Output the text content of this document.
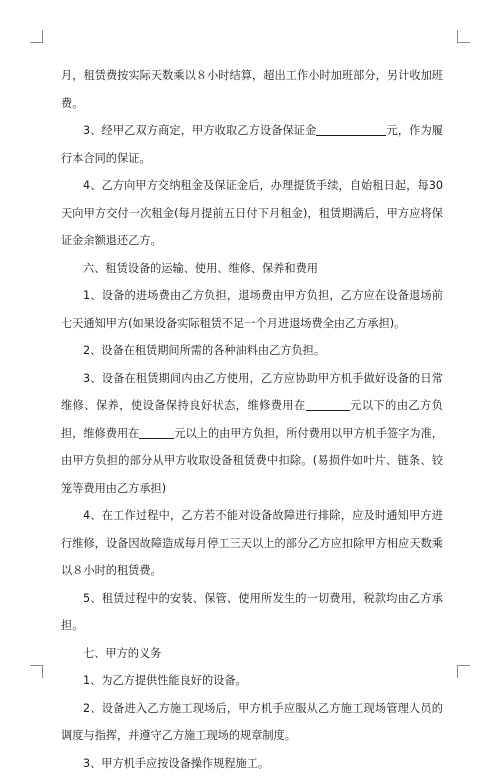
月，租赁费按实际天数乘以８小时结算，超出工作小时加班部分，另计收加班费。

3、经甲乙双方商定，甲方收取乙方设备保证金	元，作为履行本合同的保证。

4、乙方向甲方交纳租金及保证金后，办理提货手续，自始租日起，每30天向甲方交付一次租金(每月提前五日付下月租金)，租赁期满后，甲方应将保证金余额退还乙方。

六、租赁设备的运输、使用、维修、保养和费用

1、设备的进场费由乙方负担，退场费由甲方负担，乙方应在设备退场前七天通知甲方(如果设备实际租赁不足一个月进退场费全由乙方承担)。

2、设备在租赁期间所需的各种油料由乙方负担。

3、设备在租赁期间内由乙方使用，乙方应协助甲方机手做好设备的日常维修、保养，使设备保持良好状态，维修费用在	元以下的由乙方负担，维修费用在	元以上的由甲方负担，所付费用以甲方机手签字为准，由甲方负担的部分从甲方收取设备租赁费中扣除。(易损件如叶片、链条、铰笼等费用由乙方承担)

4、在工作过程中，乙方若不能对设备故障进行排除，应及时通知甲方进行维修，设备因故障造成每月停工三天以上的部分乙方应扣除甲方相应天数乘以８小时的租赁费。

5、租赁过程中的安装、保管、使用所发生的一切费用，税款均由乙方承担。

七、甲方的义务

1、为乙方提供性能良好的设备。

2、设备进入乙方施工现场后，甲方机手应服从乙方施工现场管理人员的调度与指挥，并遵守乙方施工现场的规章制度。

3、甲方机手应按设备操作规程施工。
